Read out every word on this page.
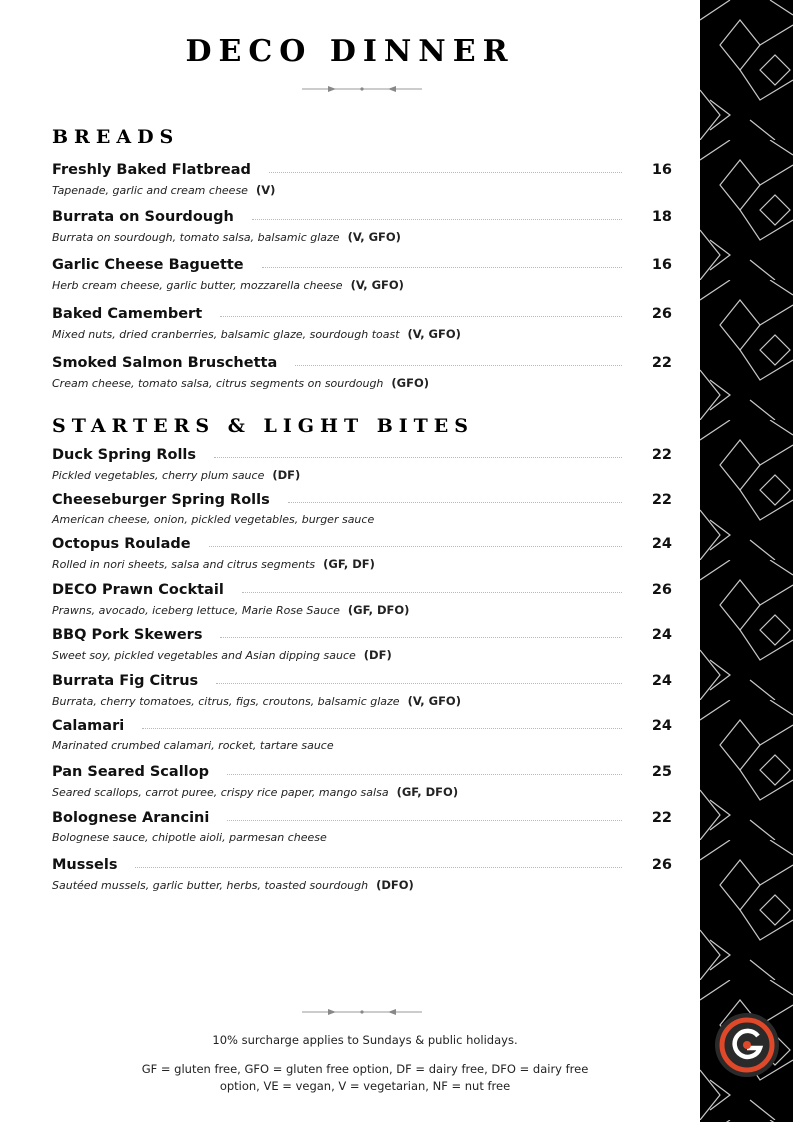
DECO DINNER
BREADS
Freshly Baked Flatbread	16
Tapenade, garlic and cream cheese (V)
Burrata on Sourdough	18
Burrata on sourdough, tomato salsa, balsamic glaze (V, GFO)
Garlic Cheese Baguette	16
Herb cream cheese, garlic butter, mozzarella cheese (V, GFO)
Baked Camembert	26
Mixed nuts, dried cranberries, balsamic glaze, sourdough toast (V, GFO)
Smoked Salmon Bruschetta	22
Cream cheese, tomato salsa, citrus segments on sourdough (GFO)
STARTERS & LIGHT BITES
Duck Spring Rolls	22
Pickled vegetables, cherry plum sauce (DF)
Cheeseburger Spring Rolls	22
American cheese, onion, pickled vegetables, burger sauce
Octopus Roulade	24
Rolled in nori sheets, salsa and citrus segments (GF, DF)
DECO Prawn Cocktail	26
Prawns, avocado, iceberg lettuce, Marie Rose Sauce (GF, DFO)
BBQ Pork Skewers	24
Sweet soy, pickled vegetables and Asian dipping sauce (DF)
Burrata Fig Citrus	24
Burrata, cherry tomatoes, citrus, figs, croutons, balsamic glaze (V, GFO)
Calamari	24
Marinated crumbed calamari, rocket, tartare sauce
Pan Seared Scallop	25
Seared scallops, carrot puree, crispy rice paper, mango salsa (GF, DFO)
Bolognese Arancini	22
Bolognese sauce, chipotle aioli, parmesan cheese
Mussels	26
Sautéed mussels, garlic butter, herbs, toasted sourdough (DFO)
10% surcharge applies to Sundays & public holidays.
GF = gluten free, GFO = gluten free option, DF = dairy free, DFO = dairy free option, VE = vegan, V = vegetarian, NF = nut free
